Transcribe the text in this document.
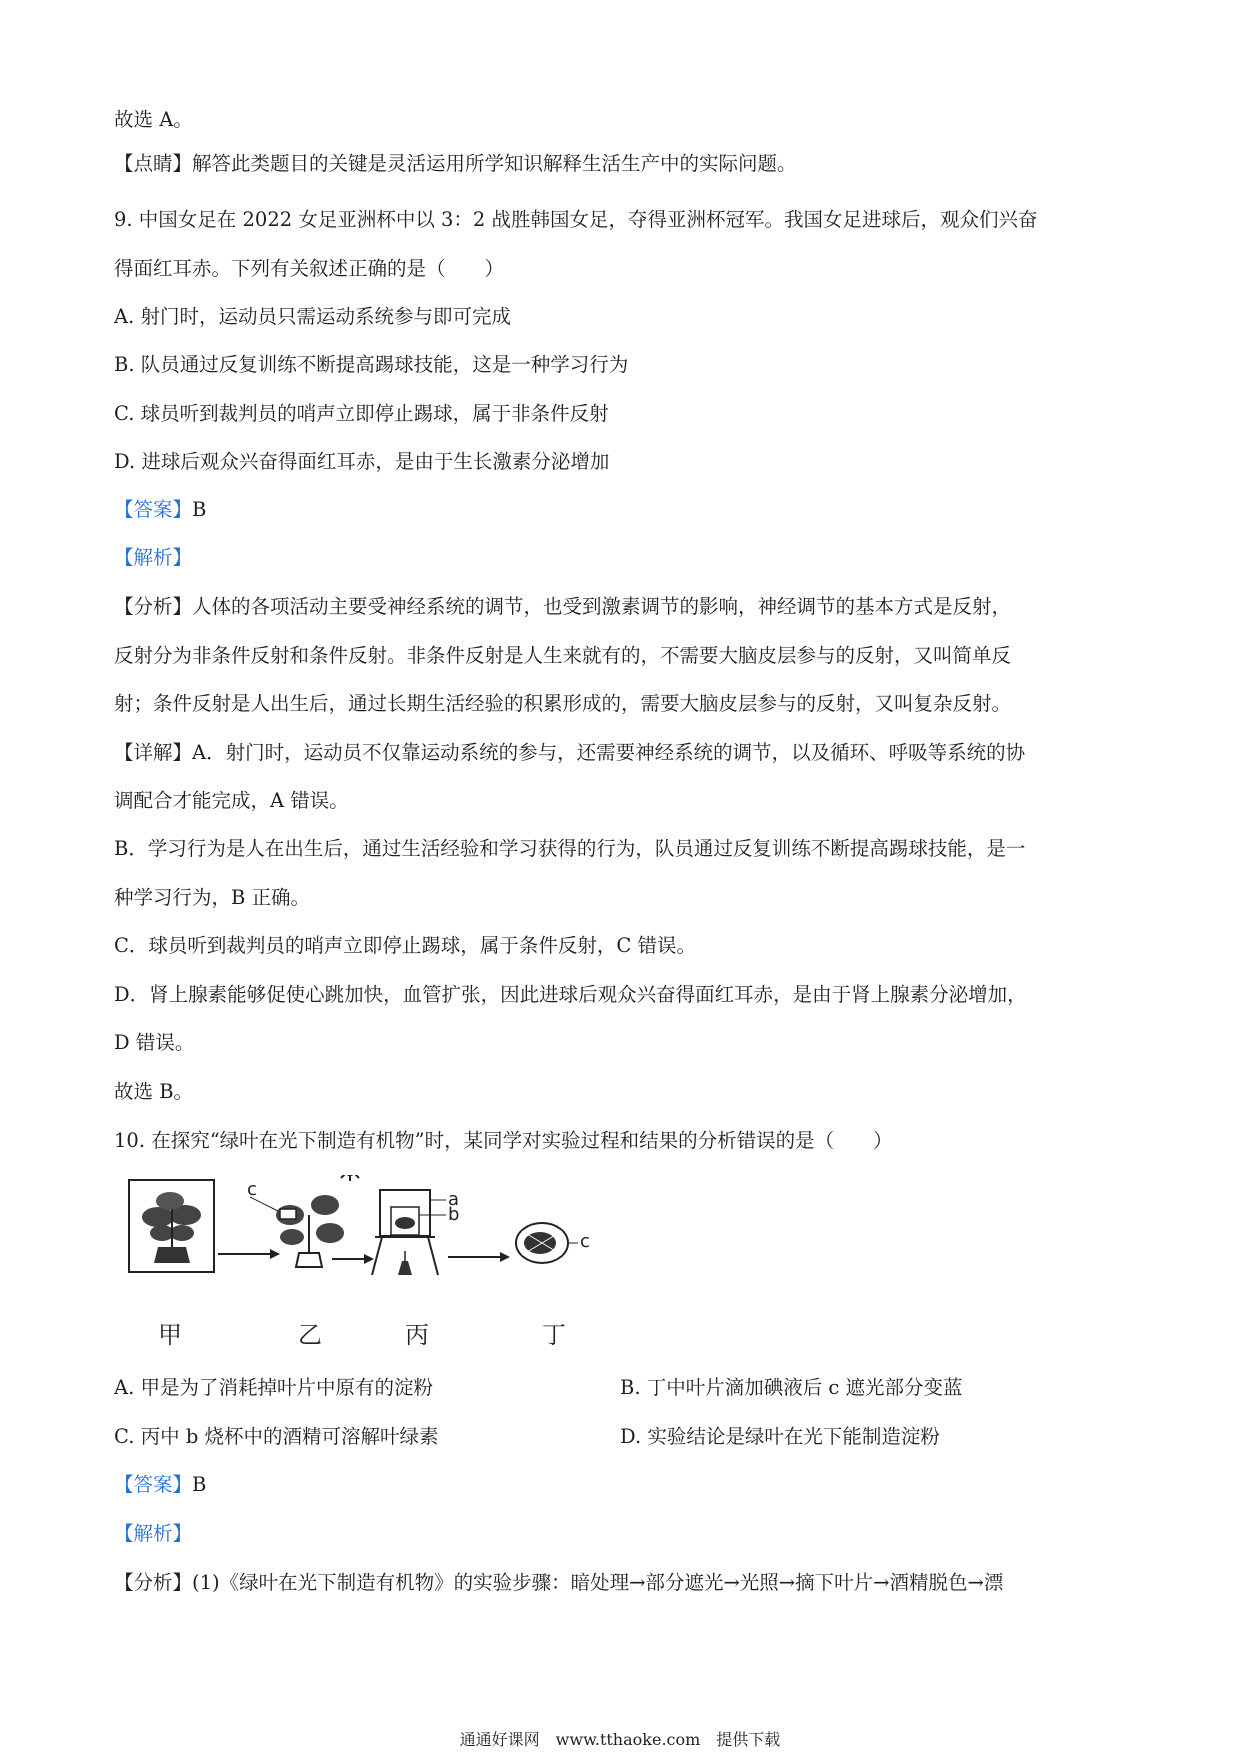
故选 A。
【点睛】解答此类题目的关键是灵活运用所学知识解释生活生产中的实际问题。
9. 中国女足在 2022 女足亚洲杯中以 3：2 战胜韩国女足，夺得亚洲杯冠军。我国女足进球后，观众们兴奋
得面红耳赤。下列有关叙述正确的是（　　）
A. 射门时，运动员只需运动系统参与即可完成
B. 队员通过反复训练不断提高踢球技能，这是一种学习行为
C. 球员听到裁判员的哨声立即停止踢球，属于非条件反射
D. 进球后观众兴奋得面红耳赤，是由于生长激素分泌增加
【答案】B
【解析】
【分析】人体的各项活动主要受神经系统的调节，也受到激素调节的影响，神经调节的基本方式是反射，
反射分为非条件反射和条件反射。非条件反射是人生来就有的，不需要大脑皮层参与的反射，又叫简单反
射；条件反射是人出生后，通过长期生活经验的积累形成的，需要大脑皮层参与的反射，又叫复杂反射。
【详解】A．射门时，运动员不仅靠运动系统的参与，还需要神经系统的调节，以及循环、呼吸等系统的协
调配合才能完成，A 错误。
B．学习行为是人在出生后，通过生活经验和学习获得的行为，队员通过反复训练不断提高踢球技能，是一
种学习行为，B 正确。
C．球员听到裁判员的哨声立即停止踢球，属于条件反射，C 错误。
D．肾上腺素能够促使心跳加快，血管扩张，因此进球后观众兴奋得面红耳赤，是由于肾上腺素分泌增加，
D 错误。
故选 B。
10. 在探究“绿叶在光下制造有机物”时，某同学对实验过程和结果的分析错误的是（　　）
c	a
b
c
甲	乙	丙	丁
A. 甲是为了消耗掉叶片中原有的淀粉	B. 丁中叶片滴加碘液后 c 遮光部分变蓝
C. 丙中 b 烧杯中的酒精可溶解叶绿素	D. 实验结论是绿叶在光下能制造淀粉
【答案】B
【解析】
【分析】(1)《绿叶在光下制造有机物》的实验步骤：暗处理→部分遮光→光照→摘下叶片→酒精脱色→漂
通通好课网　www.tthaoke.com　提供下载
